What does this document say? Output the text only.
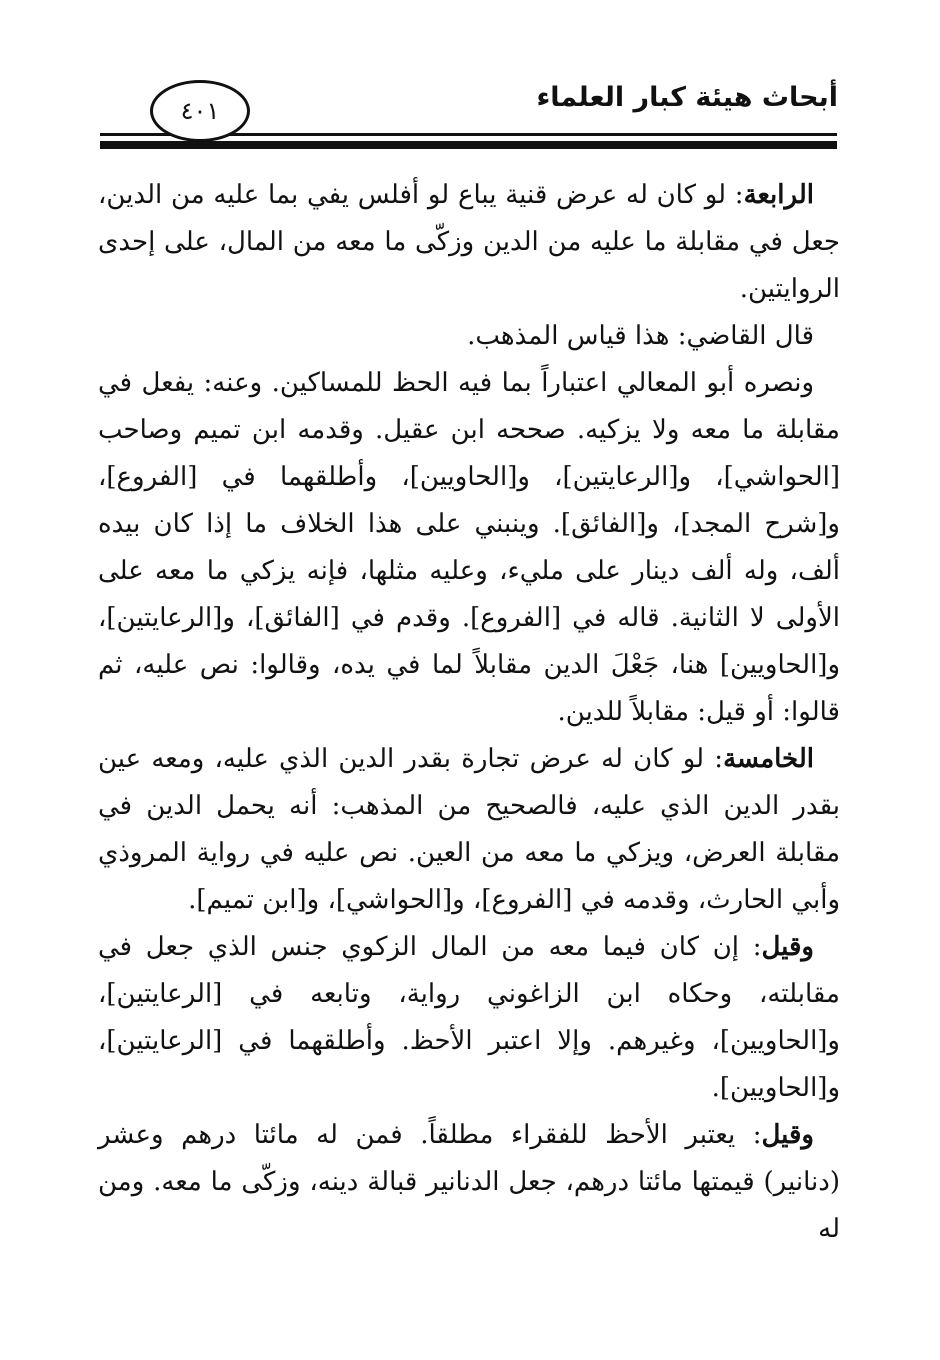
أبحاث هيئة كبار العلماء
٤٠١

الرابعة: لو كان له عرض قنية يباع لو أفلس يفي بما عليه من الدين، جعل في مقابلة ما عليه من الدين وزكّى ما معه من المال، على إحدى الروايتين.

قال القاضي: هذا قياس المذهب.

ونصره أبو المعالي اعتباراً بما فيه الحظ للمساكين. وعنه: يفعل في مقابلة ما معه ولا يزكيه. صححه ابن عقيل. وقدمه ابن تميم وصاحب [الحواشي]، و[الرعايتين]، و[الحاويين]، وأطلقهما في [الفروع]، و[شرح المجد]، و[الفائق]. وينبني على هذا الخلاف ما إذا كان بيده ألف، وله ألف دينار على مليء، وعليه مثلها، فإنه يزكي ما معه على الأولى لا الثانية. قاله في [الفروع]. وقدم في [الفائق]، و[الرعايتين]، و[الحاويين] هنا، جَعْلَ الدين مقابلاً لما في يده، وقالوا: نص عليه، ثم قالوا: أو قيل: مقابلاً للدين.

الخامسة: لو كان له عرض تجارة بقدر الدين الذي عليه، ومعه عين بقدر الدين الذي عليه، فالصحيح من المذهب: أنه يحمل الدين في مقابلة العرض، ويزكي ما معه من العين. نص عليه في رواية المروذي وأبي الحارث، وقدمه في [الفروع]، و[الحواشي]، و[ابن تميم].

وقيل: إن كان فيما معه من المال الزكوي جنس الذي جعل في مقابلته، وحكاه ابن الزاغوني رواية، وتابعه في [الرعايتين]، و[الحاويين]، وغيرهم. وإلا اعتبر الأحظ. وأطلقهما في [الرعايتين]، و[الحاويين].

وقيل: يعتبر الأحظ للفقراء مطلقاً. فمن له مائتا درهم وعشر (دنانير) قيمتها مائتا درهم، جعل الدنانير قبالة دينه، وزكّى ما معه. ومن له
